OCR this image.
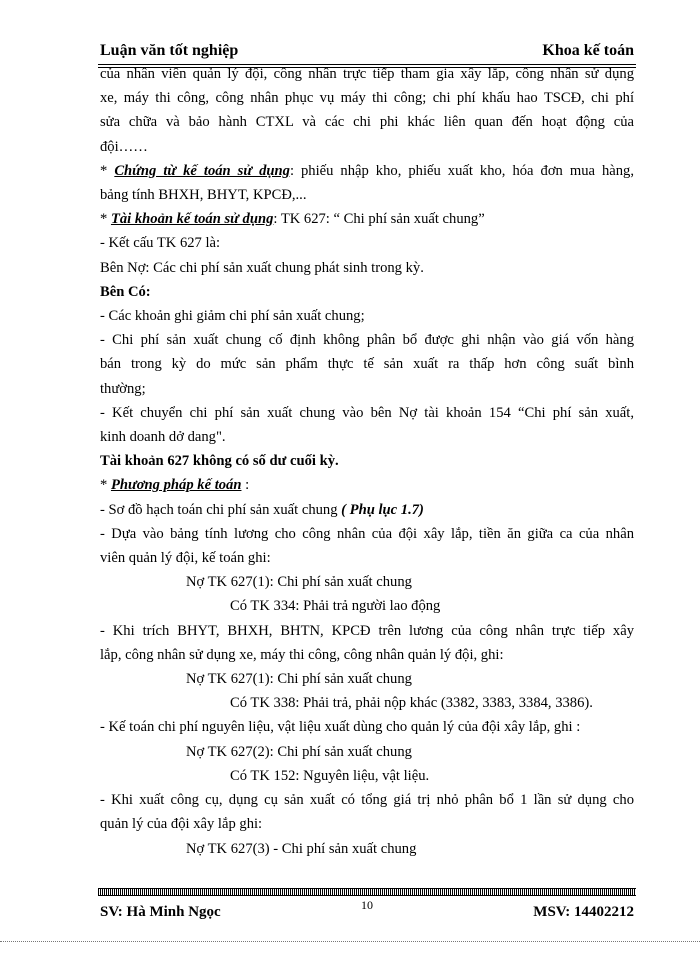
Luận văn tốt nghiệp	Khoa kế toán

của nhân viên quản lý đội, công nhân trực tiếp tham gia xây lắp, công nhân sử dụng

xe, máy thi công, công nhân phục vụ máy thi công; chi phí khấu hao TSCĐ, chi phí

sửa chữa và bảo hành CTXL và các chi phi khác liên quan đến hoạt động của

đội……

* Chứng từ kế toán sử dụng: phiếu nhập kho, phiếu xuất kho, hóa đơn mua hàng,

bảng tính BHXH, BHYT, KPCĐ,...

* Tài khoản kế toán sử dụng: TK 627: “ Chi phí sản xuất chung”

- Kết cấu TK 627 là:

Bên Nợ: Các chi phí sản xuất chung phát sinh trong kỳ.

Bên Có:

- Các khoản ghi giảm chi phí sản xuất chung;

- Chi phí sản xuất chung cố định không phân bổ được ghi nhận vào giá vốn hàng

bán trong kỳ do mức sản phẩm thực tế sản xuất ra thấp hơn công suất bình

thường;

- Kết chuyển chi phí sản xuất chung vào bên Nợ tài khoản 154 “Chi phí sản xuất,

kinh doanh dở dang".

Tài khoản 627 không có số dư cuối kỳ.

* Phương pháp kế toán :

- Sơ đồ hạch toán chi phí sản xuất chung ( Phụ lục 1.7)

- Dựa vào bảng tính lương cho công nhân của đội xây lắp, tiền ăn giữa ca của nhân

viên quản lý đội, kế toán ghi:

Nợ TK 627(1): Chi phí sản xuất chung

Có TK 334: Phải trả người lao động

- Khi trích BHYT, BHXH, BHTN, KPCĐ trên lương của công nhân trực tiếp xây

lắp, công nhân sử dụng xe, máy thi công, công nhân quản lý đội, ghi:

Nợ TK 627(1): Chi phí sản xuất chung

Có TK 338: Phải trả, phải nộp khác (3382, 3383, 3384, 3386).

- Kế toán chi phí nguyên liệu, vật liệu xuất dùng cho quản lý của đội xây lắp, ghi :

Nợ TK 627(2): Chi phí sản xuất chung

Có TK 152: Nguyên liệu, vật liệu.

- Khi xuất công cụ, dụng cụ sản xuất có tổng giá trị nhỏ phân bổ 1 lần sử dụng cho

quản lý của đội xây lắp ghi:

Nợ TK 627(3) - Chi phí sản xuất chung

SV: Hà Minh Ngọc	10	MSV: 14402212
